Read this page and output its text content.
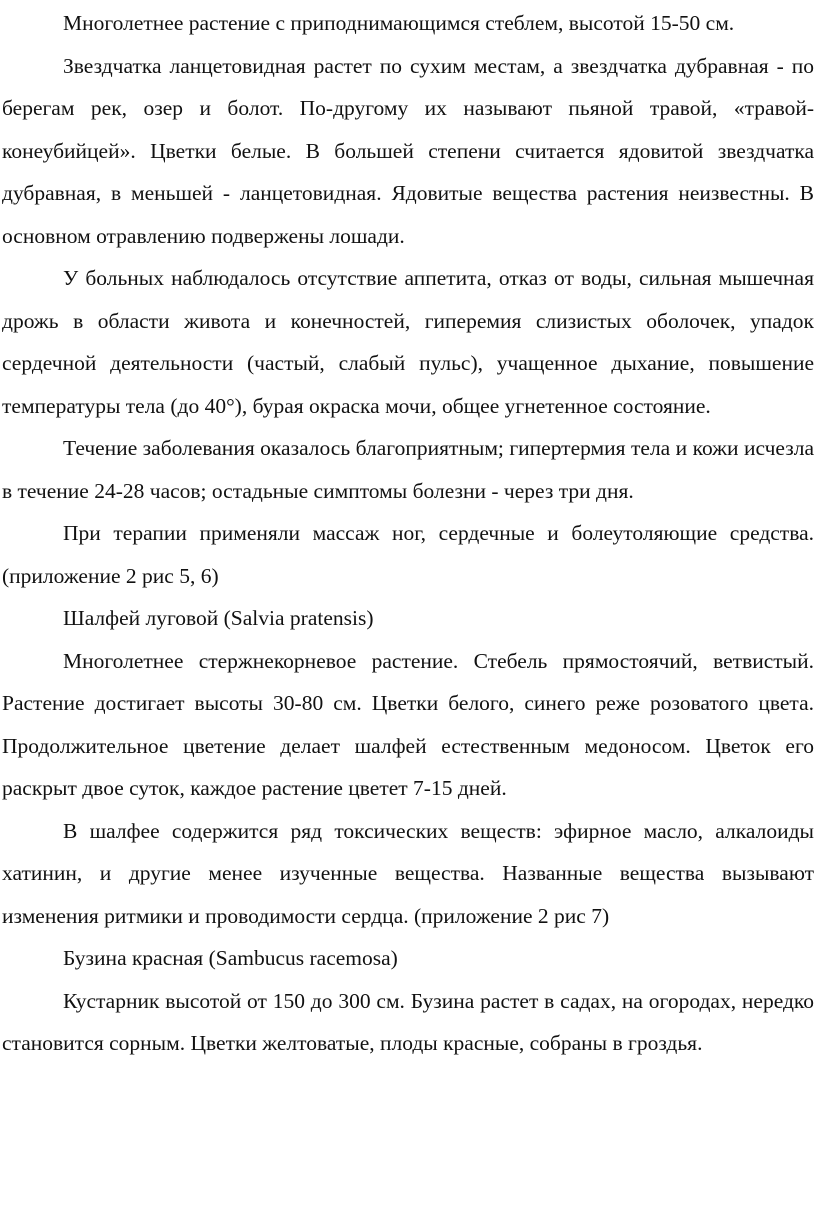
Многолетнее растение с приподнимающимся стеблем, высотой 15-50 см.

Звездчатка ланцетовидная растет по сухим местам, а звездчатка дубравная - по берегам рек, озер и болот. По-другому их называют пьяной травой, «травой-конеубийцей». Цветки белые. В большей степени считается ядовитой звездчатка дубравная, в меньшей - ланцетовидная. Ядовитые вещества растения неизвестны. В основном отравлению подвержены лошади.

У больных наблюдалось отсутствие аппетита, отказ от воды, сильная мышечная дрожь в области живота и конечностей, гиперемия слизистых оболочек, упадок сердечной деятельности (частый, слабый пульс), учащенное дыхание, повышение температуры тела (до 40°), бурая окраска мочи, общее угнетенное состояние.

Течение заболевания оказалось благоприятным; гипертермия тела и кожи исчезла в течение 24-28 часов; остадьные симптомы болезни - через три дня.

При терапии применяли массаж ног, сердечные и болеутоляющие средства. (приложение 2 рис 5, 6)

Шалфей луговой (Salvia pratensis)

Многолетнее стержнекорневое растение. Стебель прямостоячий, ветвистый. Растение достигает высоты 30-80 см. Цветки белого, синего реже розоватого цвета. Продолжительное цветение делает шалфей естественным медоносом. Цветок его раскрыт двое суток, каждое растение цветет 7-15 дней.

В шалфее содержится ряд токсических веществ: эфирное масло, алкалоиды хатинин, и другие менее изученные вещества. Названные вещества вызывают изменения ритмики и проводимости сердца. (приложение 2 рис 7)

Бузина красная (Sambucus racemosa)

Кустарник высотой от 150 до 300 см. Бузина растет в садах, на огородах, нередко становится сорным. Цветки желтоватые, плоды красные, собраны в гроздья.
